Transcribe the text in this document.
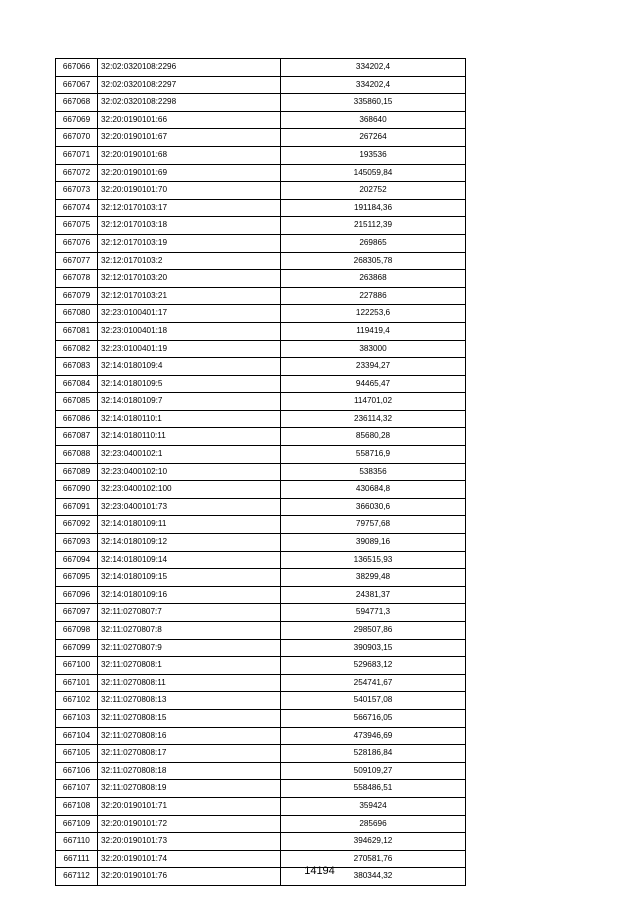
667066	32:02:0320108:2296	334202,4
667067	32:02:0320108:2297	334202,4
667068	32:02:0320108:2298	335860,15
667069	32:20:0190101:66	368640
667070	32:20:0190101:67	267264
667071	32:20:0190101:68	193536
667072	32:20:0190101:69	145059,84
667073	32:20:0190101:70	202752
667074	32:12:0170103:17	191184,36
667075	32:12:0170103:18	215112,39
667076	32:12:0170103:19	269865
667077	32:12:0170103:2	268305,78
667078	32:12:0170103:20	263868
667079	32:12:0170103:21	227886
667080	32:23:0100401:17	122253,6
667081	32:23:0100401:18	119419,4
667082	32:23:0100401:19	383000
667083	32:14:0180109:4	23394,27
667084	32:14:0180109:5	94465,47
667085	32:14:0180109:7	114701,02
667086	32:14:0180110:1	236114,32
667087	32:14:0180110:11	85680,28
667088	32:23:0400102:1	558716,9
667089	32:23:0400102:10	538356
667090	32:23:0400102:100	430684,8
667091	32:23:0400101:73	366030,6
667092	32:14:0180109:11	79757,68
667093	32:14:0180109:12	39089,16
667094	32:14:0180109:14	136515,93
667095	32:14:0180109:15	38299,48
667096	32:14:0180109:16	24381,37
667097	32:11:0270807:7	594771,3
667098	32:11:0270807:8	298507,86
667099	32:11:0270807:9	390903,15
667100	32:11:0270808:1	529683,12
667101	32:11:0270808:11	254741,67
667102	32:11:0270808:13	540157,08
667103	32:11:0270808:15	566716,05
667104	32:11:0270808:16	473946,69
667105	32:11:0270808:17	528186,84
667106	32:11:0270808:18	509109,27
667107	32:11:0270808:19	558486,51
667108	32:20:0190101:71	359424
667109	32:20:0190101:72	285696
667110	32:20:0190101:73	394629,12
667111	32:20:0190101:74	270581,76
667112	32:20:0190101:76	380344,32
14194
